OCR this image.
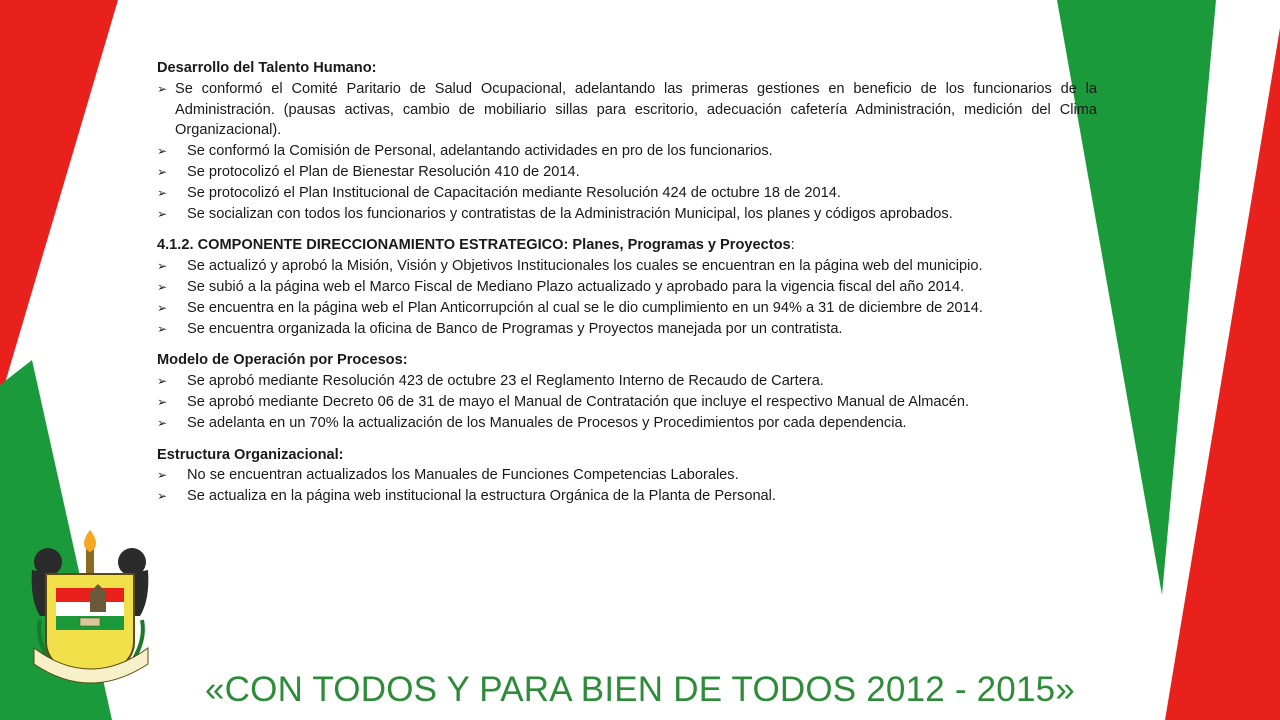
Desarrollo del Talento Humano:
➢ Se conformó el Comité Paritario de Salud Ocupacional, adelantando las primeras gestiones en beneficio de los funcionarios de la Administración. (pausas activas, cambio de mobiliario sillas para escritorio, adecuación cafetería Administración, medición del Clima Organizacional).
➢	Se conformó la Comisión de Personal, adelantando actividades en pro de los funcionarios.
➢	Se protocolizó el Plan de Bienestar Resolución 410 de 2014.
➢	Se protocolizó el Plan Institucional de Capacitación mediante Resolución 424 de octubre 18 de 2014.
➢	Se socializan con todos los funcionarios y contratistas de la Administración Municipal, los planes y códigos aprobados.
4.1.2. COMPONENTE DIRECCIONAMIENTO ESTRATEGICO: Planes, Programas y Proyectos:
➢	Se actualizó y aprobó la Misión, Visión y Objetivos Institucionales los cuales se encuentran en la página web del municipio.
➢	Se subió a la página web el Marco Fiscal de Mediano Plazo actualizado y aprobado para la vigencia fiscal del año 2014.
➢	Se encuentra en la página web el Plan Anticorrupción al cual se le dio cumplimiento en un 94% a 31 de diciembre de 2014.
➢	Se encuentra organizada la oficina de Banco de Programas y Proyectos manejada por un contratista.
Modelo de Operación por Procesos:
➢	Se aprobó mediante Resolución 423 de octubre 23 el Reglamento Interno de Recaudo de Cartera.
➢	Se aprobó mediante Decreto 06 de 31 de mayo el Manual de Contratación que incluye el respectivo Manual de Almacén.
➢	Se adelanta en un 70% la actualización de los Manuales de Procesos y Procedimientos por cada dependencia.
Estructura Organizacional:
➢	No se encuentran actualizados los Manuales de Funciones Competencias Laborales.
➢	Se actualiza en la página web institucional la estructura Orgánica de la Planta de Personal.
«CON TODOS Y PARA BIEN DE TODOS 2012 - 2015»
